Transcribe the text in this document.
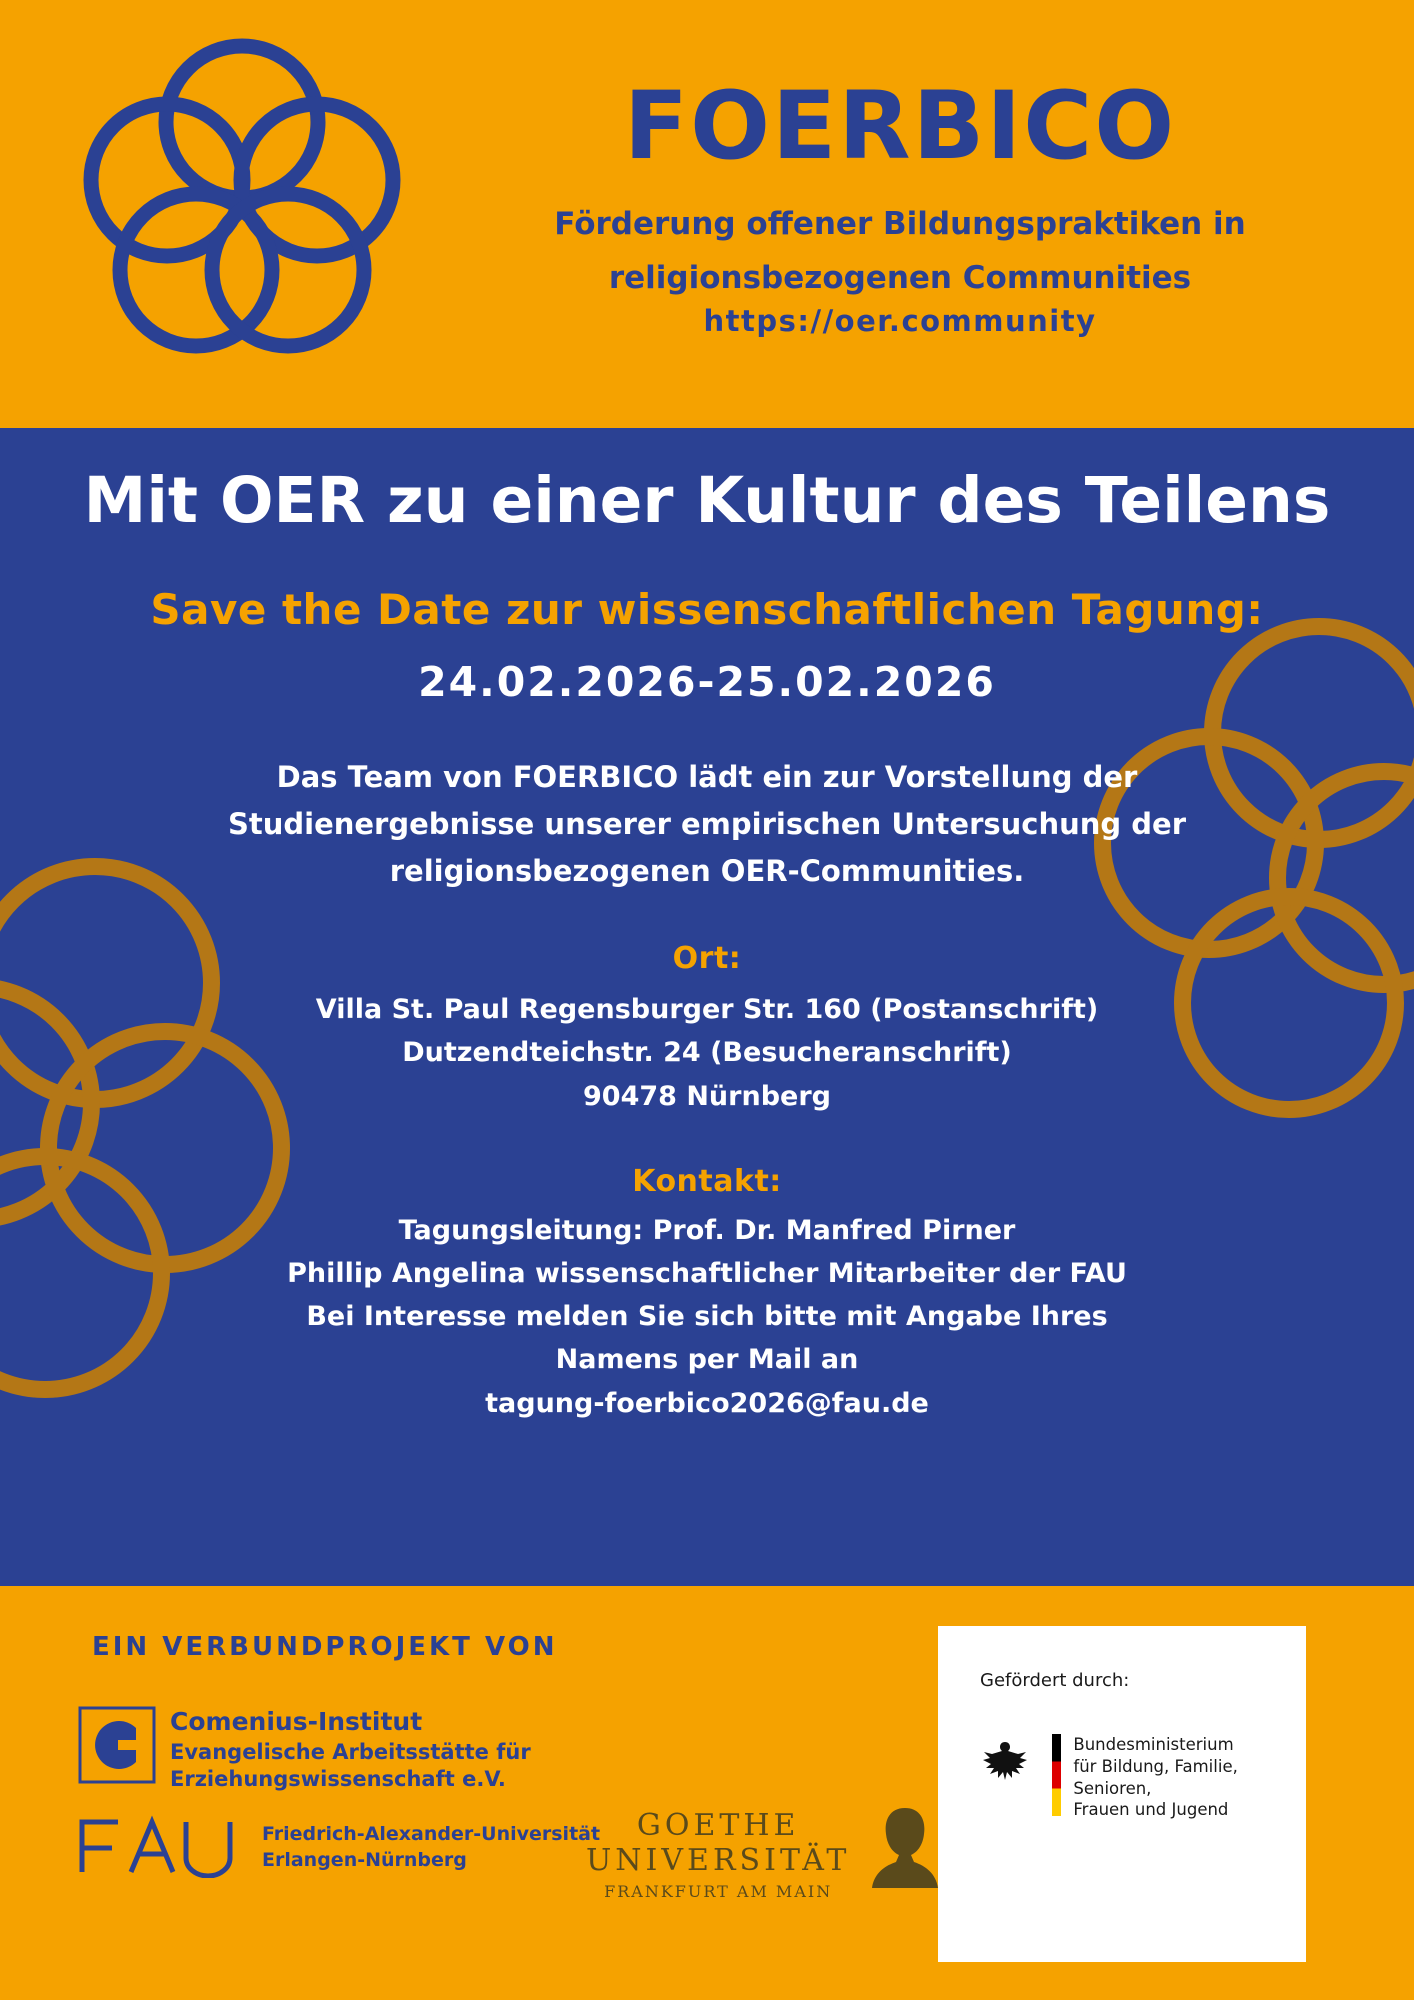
FOERBICO
Förderung offener Bildungspraktiken in
religionsbezogenen Communities
https://oer.community
Mit OER zu einer Kultur des Teilens
Save the Date zur wissenschaftlichen Tagung:
24.02.2026-25.02.2026
Das Team von FOERBICO lädt ein zur Vorstellung der
Studienergebnisse unserer empirischen Untersuchung der
religionsbezogenen OER-Communities.
Ort:
Villa St. Paul Regensburger Str. 160 (Postanschrift)
Dutzendteichstr. 24 (Besucheranschrift)
90478 Nürnberg
Kontakt:
Tagungsleitung: Prof. Dr. Manfred Pirner
Phillip Angelina wissenschaftlicher Mitarbeiter der FAU
Bei Interesse melden Sie sich bitte mit Angabe Ihres
Namens per Mail an
tagung-foerbico2026@fau.de
EIN VERBUNDPROJEKT VON
Comenius-Institut
Evangelische Arbeitsstätte für
Erziehungswissenschaft e.V.
Friedrich-Alexander-Universität
Erlangen-Nürnberg
GOETHE
UNIVERSITÄT
FRANKFURT AM MAIN
Gefördert durch:
Bundesministerium
für Bildung, Familie, Senioren,
Frauen und Jugend
